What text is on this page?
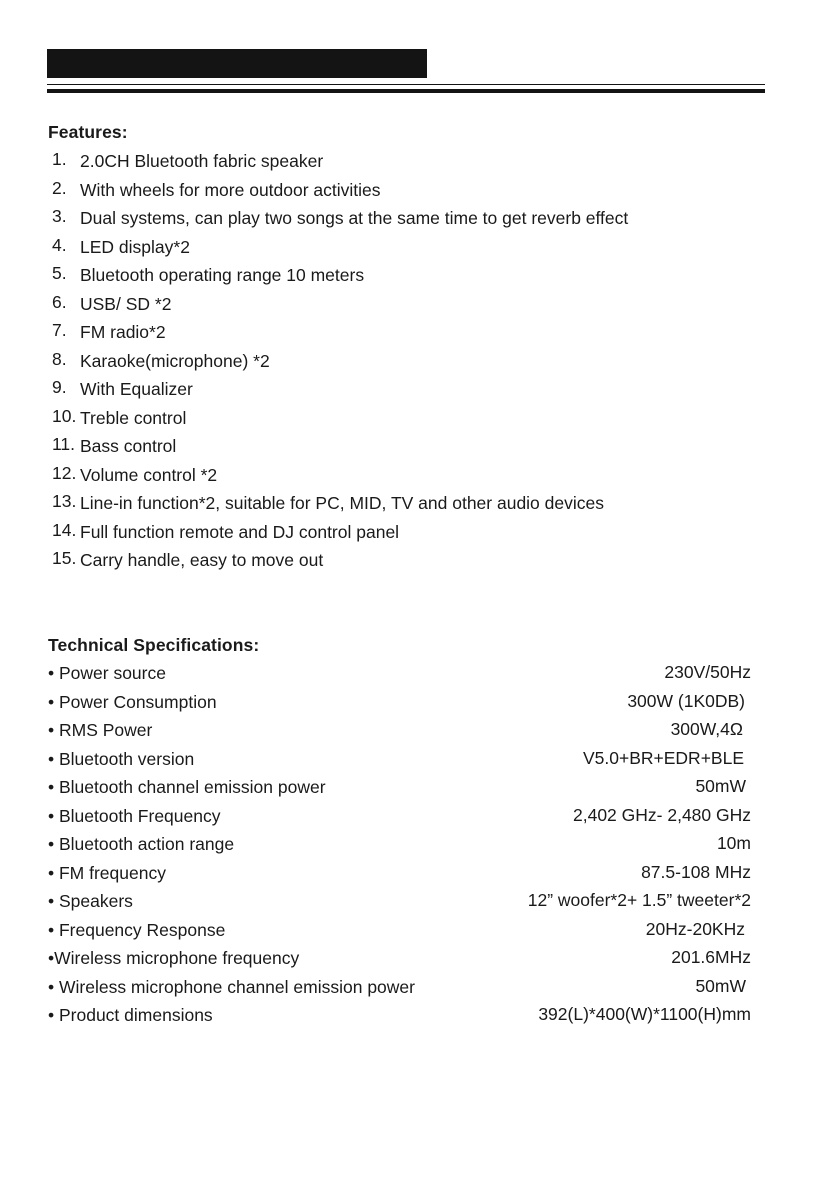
Features:
1. 2.0CH Bluetooth fabric speaker
2. With wheels for more outdoor activities
3. Dual systems, can play two songs at the same time to get reverb effect
4. LED display*2
5. Bluetooth operating range 10 meters
6. USB/ SD *2
7. FM radio*2
8. Karaoke(microphone) *2
9. With Equalizer
10. Treble control
11. Bass control
12. Volume control *2
13. Line-in function*2, suitable for PC, MID, TV and other audio devices
14. Full function remote and DJ control panel
15. Carry handle, easy to move out
Technical Specifications:
• Power source	230V/50Hz
• Power Consumption	300W (1K0DB)
• RMS Power	300W,4Ω
• Bluetooth version	V5.0+BR+EDR+BLE
• Bluetooth channel emission power	50mW
• Bluetooth Frequency	2,402 GHz- 2,480 GHz
• Bluetooth action range	10m
• FM frequency	87.5-108 MHz
• Speakers	12” woofer*2+ 1.5” tweeter*2
• Frequency Response	20Hz-20KHz
•Wireless microphone frequency	201.6MHz
• Wireless microphone channel emission power	50mW
• Product dimensions	392(L)*400(W)*1100(H)mm
